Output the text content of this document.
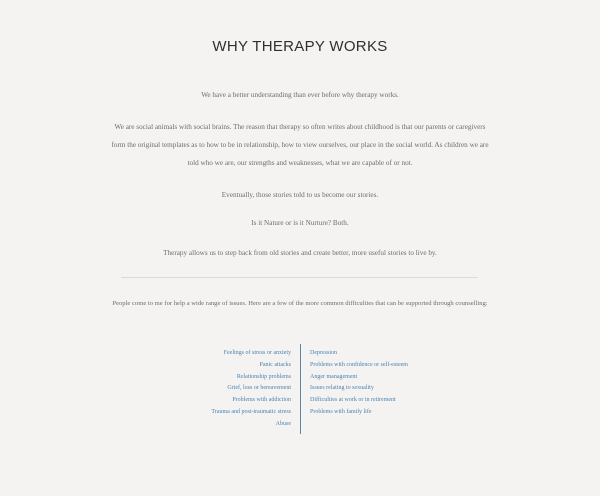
WHY THERAPY WORKS

We have a better understanding than ever before why therapy works.

We are social animals with social brains. The reason that therapy so often writes about childhood is that our parents or caregivers form the original templates as to how to be in relationship, how to view ourselves, our place in the social world. As children we are told who we are, our strengths and weaknesses, what we are capable of or not.

Eventually, those stories told to us become our stories.

Is it Nature or is it Nurture? Both.

Therapy allows us to step back from old stories and create better, more useful stories to live by.

People come to me for help a wide range of issues. Here are a few of the more common difficulties that can be supported through counselling:

Feelings of stress or anxiety
Panic attacks
Relationship problems
Grief, loss or bereavement
Problems with addiction
Trauma and post-traumatic stress
Abuse
Depression
Problems with confidence or self-esteem
Anger management
Issues relating to sexuality
Difficulties at work or in retirement
Problems with family life
